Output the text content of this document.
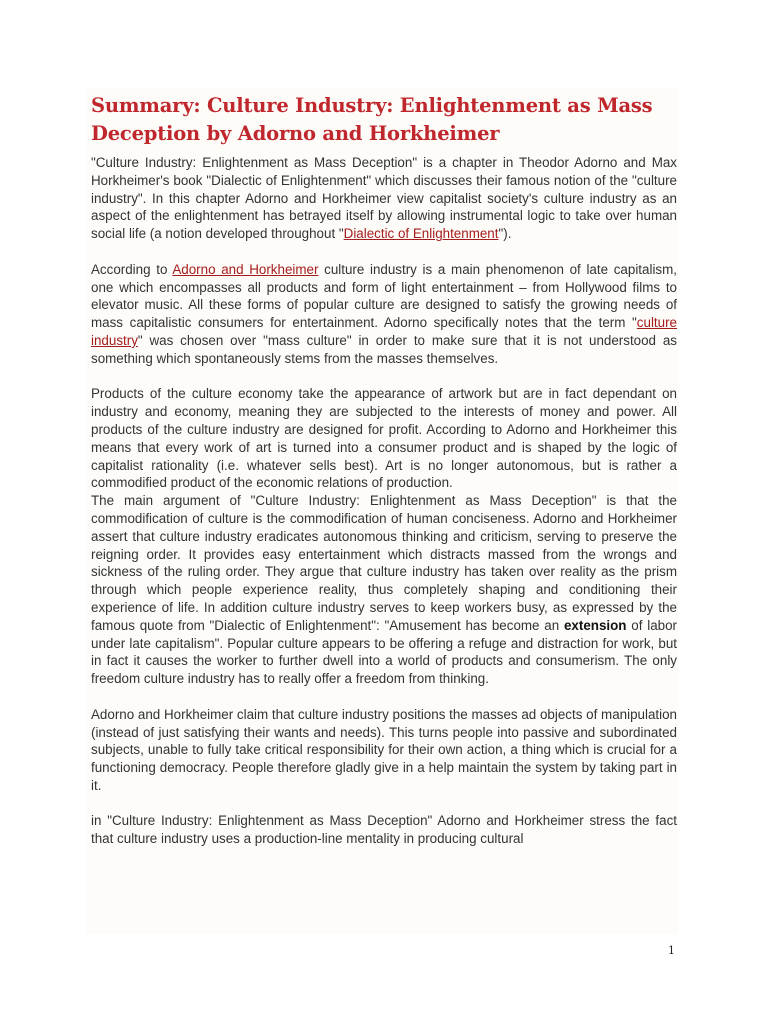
Summary: Culture Industry: Enlightenment as Mass Deception by Adorno and Horkheimer

"Culture Industry: Enlightenment as Mass Deception" is a chapter in Theodor Adorno and Max Horkheimer's book "Dialectic of Enlightenment" which discusses their famous notion of the "culture industry". In this chapter Adorno and Horkheimer view capitalist society's culture industry as an aspect of the enlightenment has betrayed itself by allowing instrumental logic to take over human social life (a notion developed throughout "Dialectic of Enlightenment").

According to Adorno and Horkheimer culture industry is a main phenomenon of late capitalism, one which encompasses all products and form of light entertainment – from Hollywood films to elevator music. All these forms of popular culture are designed to satisfy the growing needs of mass capitalistic consumers for entertainment. Adorno specifically notes that the term "culture industry" was chosen over "mass culture" in order to make sure that it is not understood as something which spontaneously stems from the masses themselves.

Products of the culture economy take the appearance of artwork but are in fact dependant on industry and economy, meaning they are subjected to the interests of money and power. All products of the culture industry are designed for profit. According to Adorno and Horkheimer this means that every work of art is turned into a consumer product and is shaped by the logic of capitalist rationality (i.e. whatever sells best). Art is no longer autonomous, but is rather a commodified product of the economic relations of production.

The main argument of "Culture Industry: Enlightenment as Mass Deception" is that the commodification of culture is the commodification of human conciseness. Adorno and Horkheimer assert that culture industry eradicates autonomous thinking and criticism, serving to preserve the reigning order. It provides easy entertainment which distracts massed from the wrongs and sickness of the ruling order. They argue that culture industry has taken over reality as the prism through which people experience reality, thus completely shaping and conditioning their experience of life. In addition culture industry serves to keep workers busy, as expressed by the famous quote from "Dialectic of Enlightenment": "Amusement has become an extension of labor under late capitalism". Popular culture appears to be offering a refuge and distraction for work, but in fact it causes the worker to further dwell into a world of products and consumerism. The only freedom culture industry has to really offer a freedom from thinking.

Adorno and Horkheimer claim that culture industry positions the masses ad objects of manipulation (instead of just satisfying their wants and needs). This turns people into passive and subordinated subjects, unable to fully take critical responsibility for their own action, a thing which is crucial for a functioning democracy. People therefore gladly give in a help maintain the system by taking part in it.

in "Culture Industry: Enlightenment as Mass Deception" Adorno and Horkheimer stress the fact that culture industry uses a production-line mentality in producing cultural

1
